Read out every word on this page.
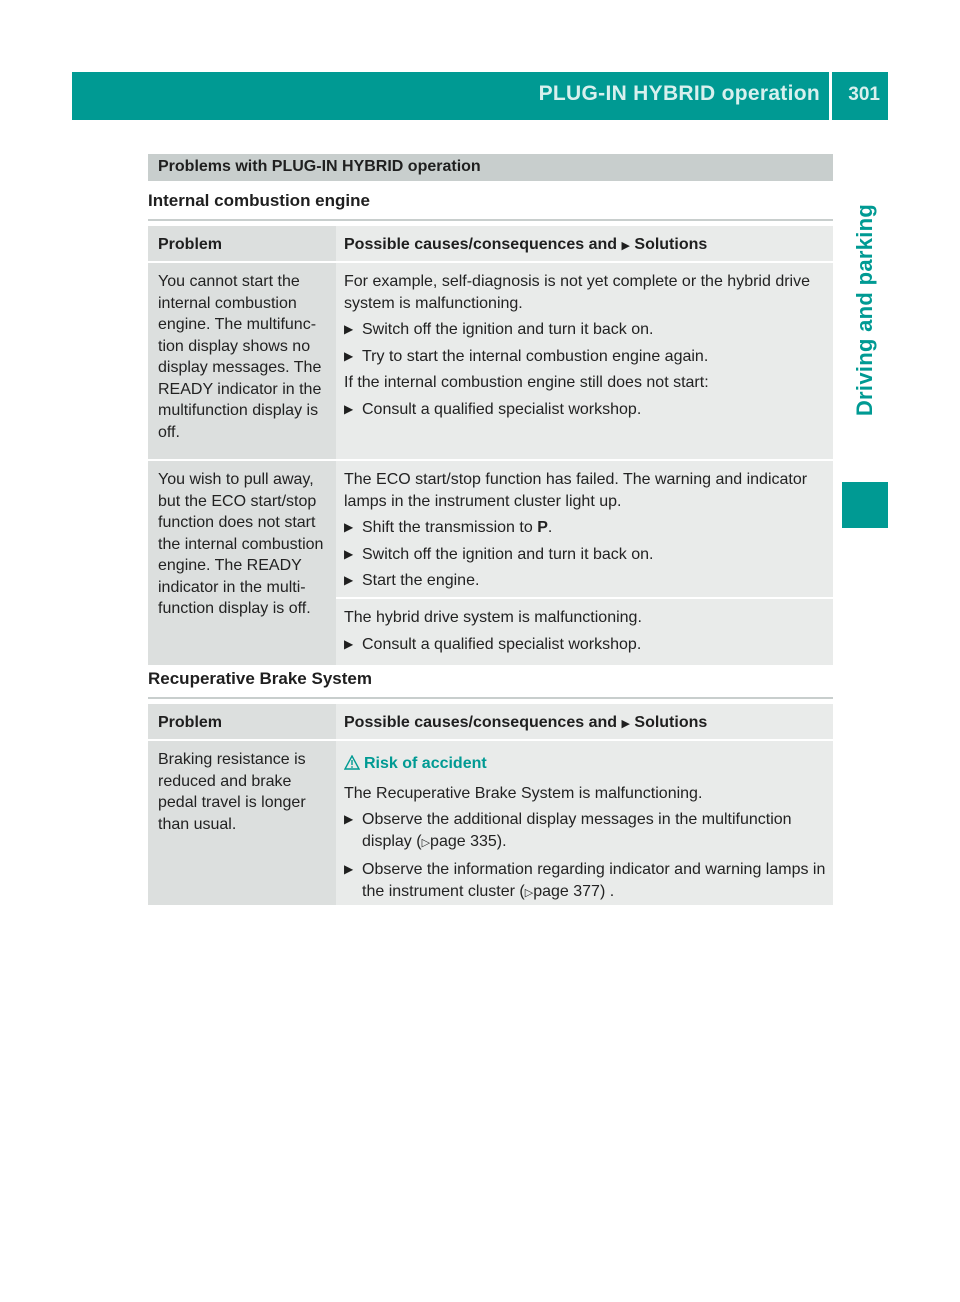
PLUG-IN HYBRID operation 301
Driving and parking
Problems with PLUG-IN HYBRID operation
Internal combustion engine
Problem	Possible causes/consequences and ▶ Solutions
You cannot start the internal combustion engine. The multifunction display shows no display messages. The READY indicator in the multifunction display is off.

For example, self-diagnosis is not yet complete or the hybrid drive system is malfunctioning.

▶ Switch off the ignition and turn it back on.
▶ Try to start the internal combustion engine again.

If the internal combustion engine still does not start:

▶ Consult a qualified specialist workshop.
You wish to pull away, but the ECO start/stop function does not start the internal combustion engine. The READY indicator in the multifunction display is off.

The ECO start/stop function has failed. The warning and indicator lamps in the instrument cluster light up.

▶ Shift the transmission to P.
▶ Switch off the ignition and turn it back on.
▶ Start the engine.

The hybrid drive system is malfunctioning.

▶ Consult a qualified specialist workshop.
Recuperative Brake System
Problem	Possible causes/consequences and ▶ Solutions
Braking resistance is reduced and brake pedal travel is longer than usual.
Risk of accident

The Recuperative Brake System is malfunctioning.

▶ Observe the additional display messages in the multifunction display (▷page 335).
▶ Observe the information regarding indicator and warning lamps in the instrument cluster (▷page 377) .
